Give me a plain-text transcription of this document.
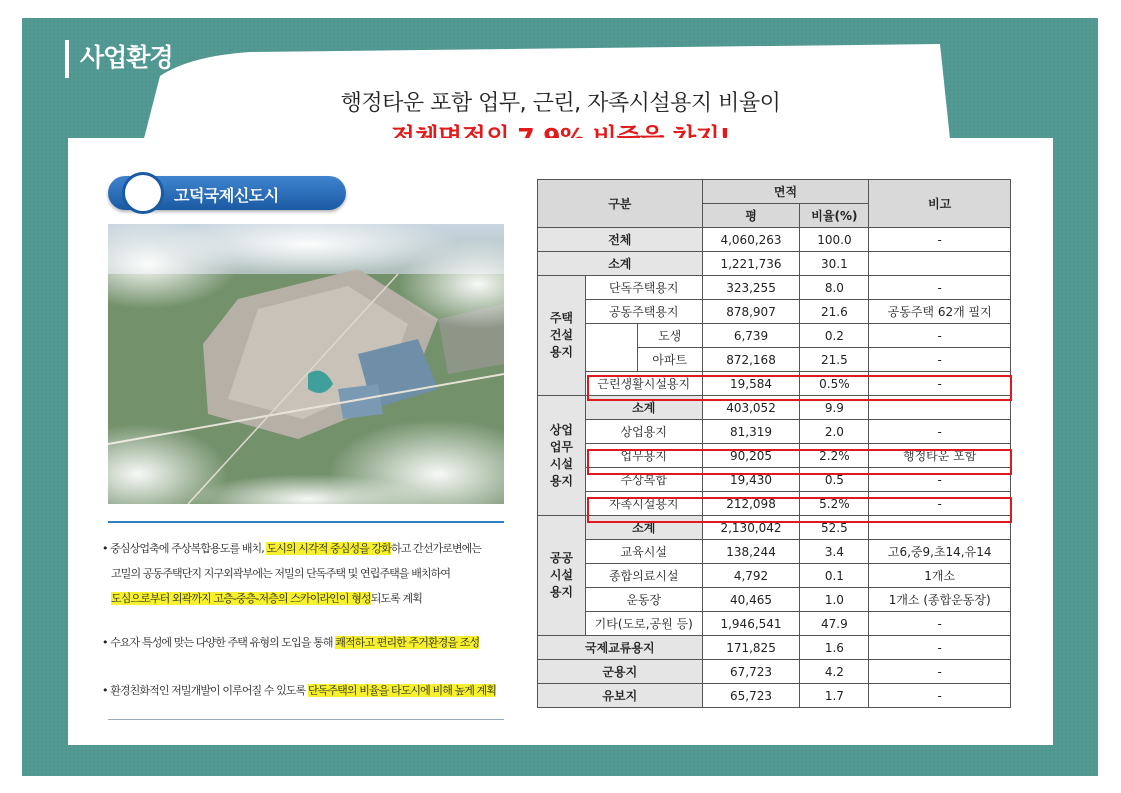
사업환경
행정타운 포함 업무, 근린, 자족시설용지 비율이
고덕국제신도시
• 중심상업축에 주상복합용도를 배치, 도시의 시각적 중심성을 강화하고 간선가로변에는
고밀의 공동주택단지 지구외곽부에는 저밀의 단독주택 및 연립주택을 배치하여
도심으로부터 외곽까지 고층-중층-저층의 스카이라인이 형성되도록 계획
• 수요자 특성에 맞는 다양한 주택 유형의 도입을 통해 쾌적하고 편리한 주거환경을 조성
• 환경친화적인 저밀개발이 이루어질 수 있도록 단독주택의 비율을 타도시에 비해 높게 계획
구분			면적		비고
			평	비율(%)	
전체			4,060,263	100.0	-
소계			1,221,736	30.1	
주택
건설
용지	단독주택용지		323,255	8.0	-
	공동주택용지		878,907	21.6	공동주택 62개 필지
		도생	6,739	0.2	-
		아파트	872,168	21.5	-
	근린생활시설용지		19,584	0.5%	-
상업
업무
시설
용지	소계		403,052	9.9	
	상업용지		81,319	2.0	-
	업무용지		90,205	2.2%	행정타운 포함
	주상복합		19,430	0.5	-
	자족시설용지		212,098	5.2%	-
공공
시설
용지	소계		2,130,042	52.5	
	교육시설		138,244	3.4	고6,중9,초14,유14
	종합의료시설		4,792	0.1	1개소
	운동장		40,465	1.0	1개소 (종합운동장)
	기타(도로,공원 등)		1,946,541	47.9	-
국제교류용지			171,825	1.6	-
군용지			67,723	4.2	-
유보지			65,723	1.7	-
